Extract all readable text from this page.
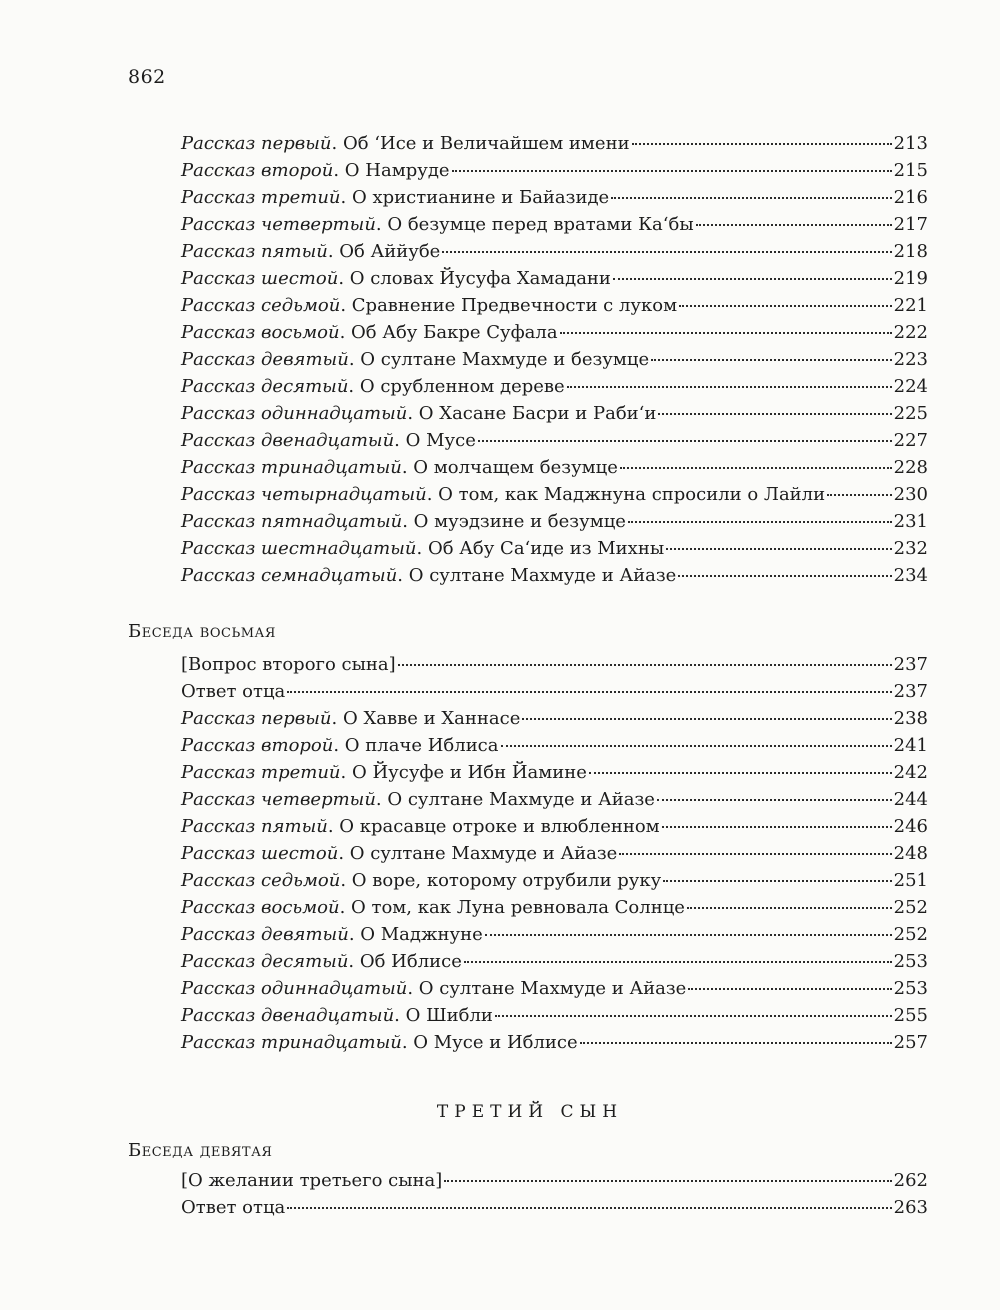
862
Рассказ первый. Об ‘Исе и Величайшем имени	213
Рассказ второй. О Намруде	215
Рассказ третий. О христианине и Байазиде	216
Рассказ четвертый. О безумце перед вратами Ка‘бы	217
Рассказ пятый. Об Аййубе	218
Рассказ шестой. О словах Йусуфа Хамадани	219
Рассказ седьмой. Сравнение Предвечности с луком	221
Рассказ восьмой. Об Абу Бакре Суфала	222
Рассказ девятый. О султане Махмуде и безумце	223
Рассказ десятый. О срубленном дереве	224
Рассказ одиннадцатый. О Хасане Басри и Раби‘и	225
Рассказ двенадцатый. О Мусе	227
Рассказ тринадцатый. О молчащем безумце	228
Рассказ четырнадцатый. О том, как Маджнуна спросили о Лайли	230
Рассказ пятнадцатый. О муэдзине и безумце	231
Рассказ шестнадцатый. Об Абу Са‘иде из Михны	232
Рассказ семнадцатый. О султане Махмуде и Айазе	234
Беседа восьмая
[Вопрос второго сына]	237
Ответ отца	237
Рассказ первый. О Хавве и Ханнасе	238
Рассказ второй. О плаче Иблиса	241
Рассказ третий. О Йусуфе и Ибн Йамине	242
Рассказ четвертый. О султане Махмуде и Айазе	244
Рассказ пятый. О красавце отроке и влюбленном	246
Рассказ шестой. О султане Махмуде и Айазе	248
Рассказ седьмой. О воре, которому отрубили руку	251
Рассказ восьмой. О том, как Луна ревновала Солнце	252
Рассказ девятый. О Маджнуне	252
Рассказ десятый. Об Иблисе	253
Рассказ одиннадцатый. О султане Махмуде и Айазе	253
Рассказ двенадцатый. О Шибли	255
Рассказ тринадцатый. О Мусе и Иблисе	257
ТРЕТИЙ СЫН
Беседа девятая
[О желании третьего сына]	262
Ответ отца	263
